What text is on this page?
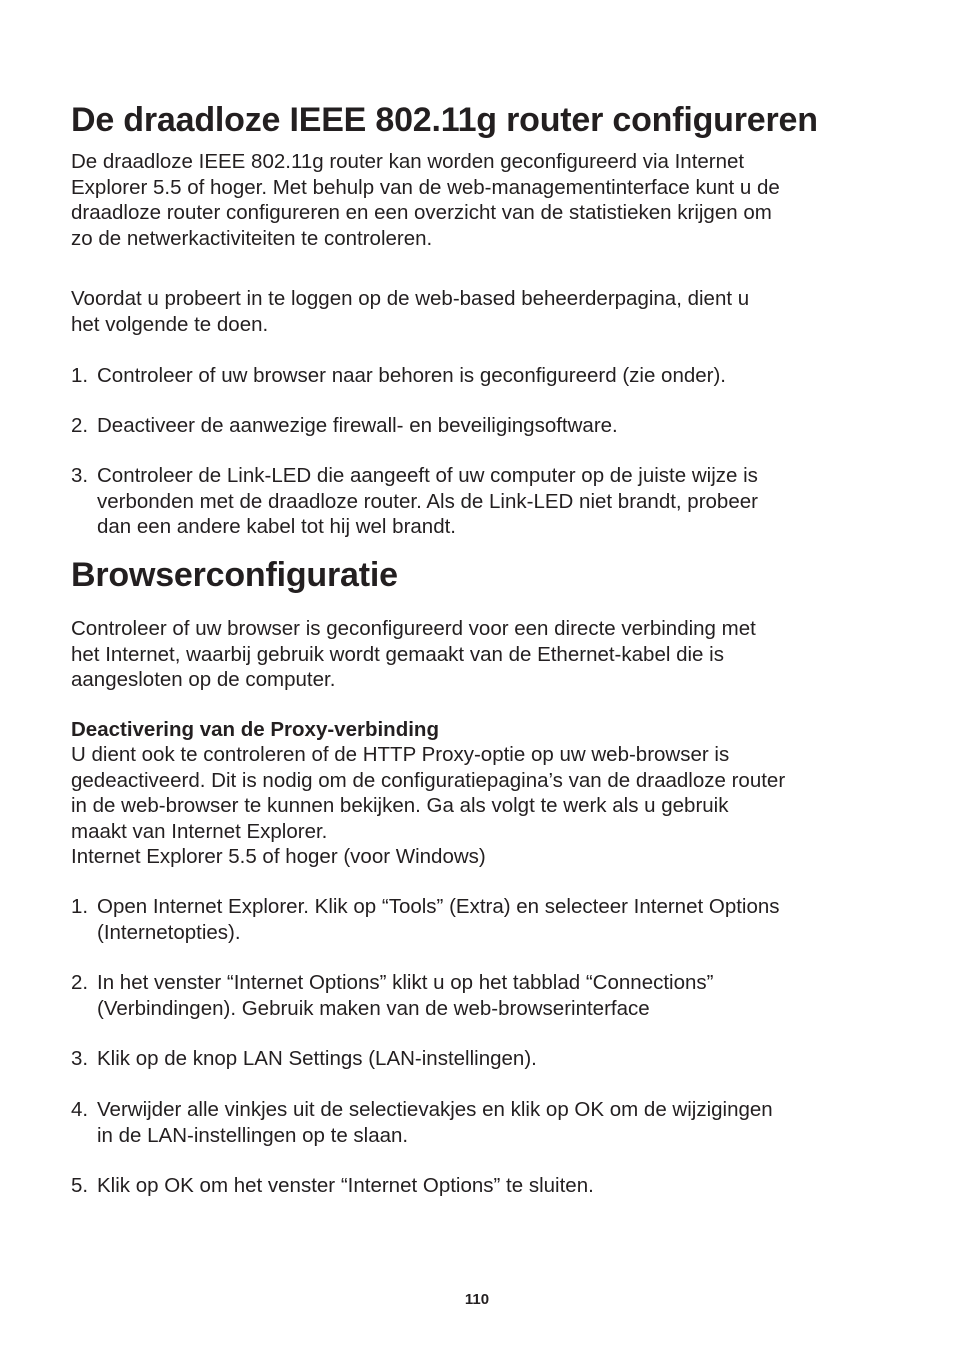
De draadloze IEEE 802.11g router configureren
De draadloze IEEE 802.11g router kan worden geconfigureerd via Internet
Explorer 5.5 of hoger. Met behulp van de web-managementinterface kunt u de
draadloze router configureren en een overzicht van de statistieken krijgen om
zo de netwerkactiviteiten te controleren.
Voordat u probeert in te loggen op de web-based beheerderpagina, dient u
het volgende te doen.
1. Controleer of uw browser naar behoren is geconfigureerd (zie onder).
2. Deactiveer de aanwezige firewall- en beveiligingsoftware.
3. Controleer de Link-LED die aangeeft of uw computer op de juiste wijze is
verbonden met de draadloze router. Als de Link-LED niet brandt, probeer
dan een andere kabel tot hij wel brandt.
Browserconfiguratie
Controleer of uw browser is geconfigureerd voor een directe verbinding met
het Internet, waarbij gebruik wordt gemaakt van de Ethernet-kabel die is
aangesloten op de computer.
Deactivering van de Proxy-verbinding
U dient ook te controleren of de HTTP Proxy-optie op uw web-browser is
gedeactiveerd. Dit is nodig om de configuratiepagina’s van de draadloze router
in de web-browser te kunnen bekijken. Ga als volgt te werk als u gebruik
maakt van Internet Explorer.
Internet Explorer 5.5 of hoger (voor Windows)
1. Open Internet Explorer. Klik op “Tools” (Extra) en selecteer Internet Options
(Internetopties).
2. In het venster “Internet Options” klikt u op het tabblad “Connections”
(Verbindingen). Gebruik maken van de web-browserinterface
3. Klik op de knop LAN Settings (LAN-instellingen).
4. Verwijder alle vinkjes uit de selectievakjes en klik op OK om de wijzigingen
in de LAN-instellingen op te slaan.
5. Klik op OK om het venster “Internet Options” te sluiten.
110
